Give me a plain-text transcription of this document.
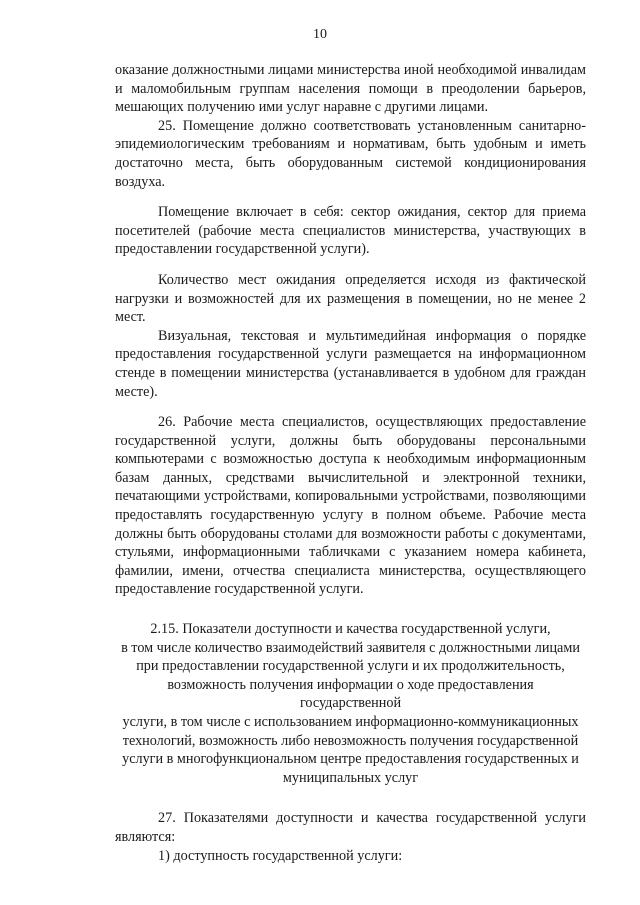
10

оказание должностными лицами министерства иной необходимой инвалидам и маломобильным группам населения помощи в преодолении барьеров, мешающих получению ими услуг наравне с другими лицами.

25. Помещение должно соответствовать установленным санитарно-эпидемиологическим требованиям и нормативам, быть удобным и иметь достаточно места, быть оборудованным системой кондиционирования воздуха.

Помещение включает в себя: сектор ожидания, сектор для приема посетителей (рабочие места специалистов министерства, участвующих в предоставлении государственной услуги).

Количество мест ожидания определяется исходя из фактической нагрузки и возможностей для их размещения в помещении, но не менее 2 мест.

Визуальная, текстовая и мультимедийная информация о порядке предоставления государственной услуги размещается на информационном стенде в помещении министерства (устанавливается в удобном для граждан месте).

26. Рабочие места специалистов, осуществляющих предоставление государственной услуги, должны быть оборудованы персональными компьютерами с возможностью доступа к необходимым информационным базам данных, средствами вычислительной и электронной техники, печатающими устройствами, копировальными устройствами, позволяющими предоставлять государственную услугу в полном объеме. Рабочие места должны быть оборудованы столами для возможности работы с документами, стульями, информационными табличками с указанием номера кабинета, фамилии, имени, отчества специалиста министерства, осуществляющего предоставление государственной услуги.

2.15. Показатели доступности и качества государственной услуги,
в том числе количество взаимодействий заявителя с должностными лицами
при предоставлении государственной услуги и их продолжительность,
возможность получения информации о ходе предоставления государственной
услуги, в том числе с использованием информационно-коммуникационных
технологий, возможность либо невозможность получения государственной
услуги в многофункциональном центре предоставления государственных и
муниципальных услуг

27. Показателями доступности и качества государственной услуги являются:

1) доступность государственной услуги:
